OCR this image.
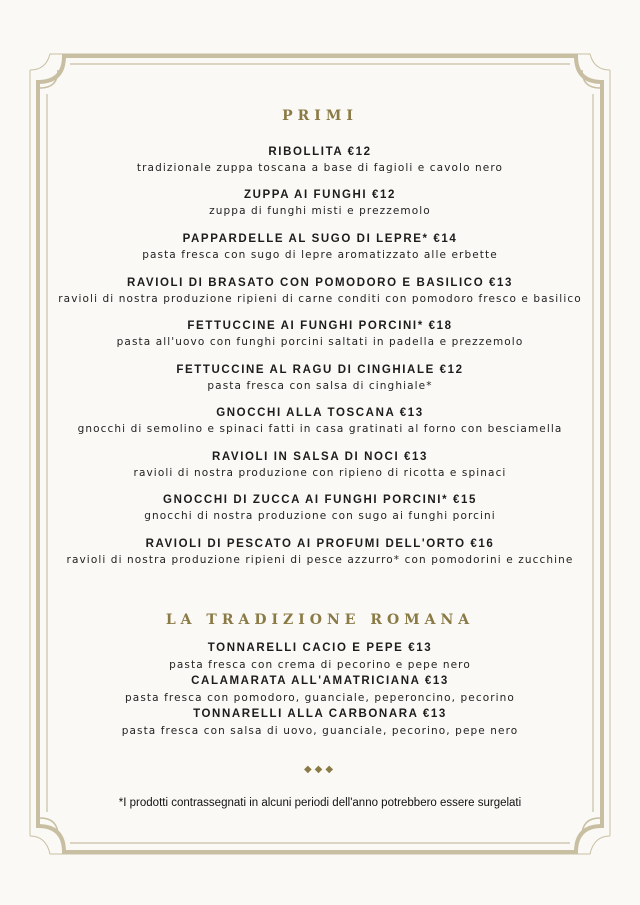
PRIMI
RIBOLLITA €12
tradizionale zuppa toscana a base di fagioli e cavolo nero
ZUPPA AI FUNGHI €12
zuppa di funghi misti e prezzemolo
PAPPARDELLE AL SUGO DI LEPRE* €14
pasta fresca con sugo di lepre aromatizzato alle erbette
RAVIOLI DI BRASATO CON POMODORO E BASILICO €13
ravioli di nostra produzione ripieni di carne conditi con pomodoro fresco e basilico
FETTUCCINE AI FUNGHI PORCINI* €18
pasta all'uovo con funghi porcini saltati in padella e prezzemolo
FETTUCCINE AL RAGU DI CINGHIALE €12
pasta fresca con salsa di cinghiale*
GNOCCHI ALLA TOSCANA €13
gnocchi di semolino e spinaci fatti in casa gratinati al forno con besciamella
RAVIOLI IN SALSA DI NOCI €13
ravioli di nostra produzione con ripieno di ricotta e spinaci
GNOCCHI DI ZUCCA AI FUNGHI PORCINI* €15
gnocchi di nostra produzione con sugo ai funghi porcini
RAVIOLI DI PESCATO AI PROFUMI DELL'ORTO €16
ravioli di nostra produzione ripieni di pesce azzurro* con pomodorini e zucchine
LA TRADIZIONE ROMANA
TONNARELLI CACIO E PEPE €13
pasta fresca con crema di pecorino e pepe nero
CALAMARATA ALL'AMATRICIANA €13
pasta fresca con pomodoro, guanciale, peperoncino, pecorino
TONNARELLI ALLA CARBONARA €13
pasta fresca con salsa di uovo, guanciale, pecorino, pepe nero
◆◆◆
*I prodotti contrassegnati in alcuni periodi dell'anno potrebbero essere surgelati
